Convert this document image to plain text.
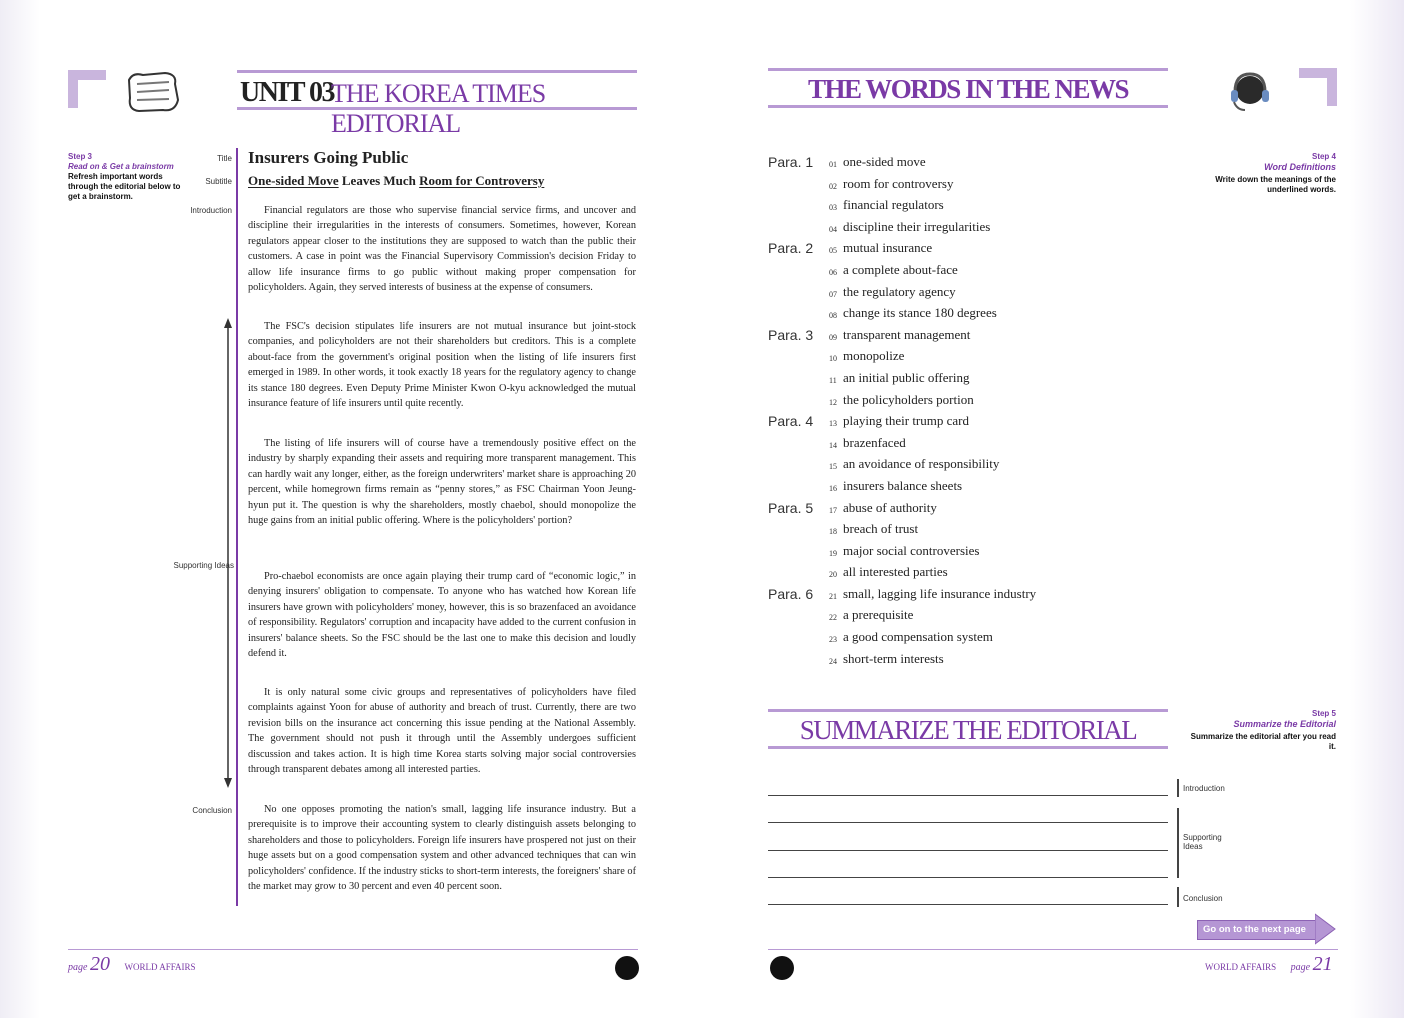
UNIT 03
THE KOREA TIMES EDITORIAL
Step 3
Read on & Get a brainstorm
Refresh important words through the editorial below to get a brainstorm.
Title
Subtitle
Introduction
Supporting Ideas
Conclusion
Insurers Going Public
One-sided Move Leaves Much Room for Controversy
Financial regulators are those who supervise financial service firms, and uncover and discipline their irregularities in the interests of consumers. Sometimes, however, Korean regulators appear closer to the institutions they are supposed to watch than the public their customers. A case in point was the Financial Supervisory Commission's decision Friday to allow life insurance firms to go public without making proper compensation for policyholders. Again, they served interests of business at the expense of consumers.
The FSC's decision stipulates life insurers are not mutual insurance but joint-stock companies, and policyholders are not their shareholders but creditors. This is a complete about-face from the government's original position when the listing of life insurers first emerged in 1989. In other words, it took exactly 18 years for the regulatory agency to change its stance 180 degrees. Even Deputy Prime Minister Kwon O-kyu acknowledged the mutual insurance feature of life insurers until quite recently.
The listing of life insurers will of course have a tremendously positive effect on the industry by sharply expanding their assets and requiring more transparent management. This can hardly wait any longer, either, as the foreign underwriters' market share is approaching 20 percent, while homegrown firms remain as “penny stores,” as FSC Chairman Yoon Jeung-hyun put it. The question is why the shareholders, mostly chaebol, should monopolize the huge gains from an initial public offering. Where is the policyholders' portion?
Pro-chaebol economists are once again playing their trump card of “economic logic,” in denying insurers' obligation to compensate. To anyone who has watched how Korean life insurers have grown with policyholders' money, however, this is so brazenfaced an avoidance of responsibility. Regulators' corruption and incapacity have added to the current confusion in insurers' balance sheets. So the FSC should be the last one to make this decision and loudly defend it.
It is only natural some civic groups and representatives of policyholders have filed complaints against Yoon for abuse of authority and breach of trust. Currently, there are two revision bills on the insurance act concerning this issue pending at the National Assembly. The government should not push it through until the Assembly undergoes sufficient discussion and takes action. It is high time Korea starts solving major social controversies through transparent debates among all interested parties.
No one opposes promoting the nation's small, lagging life insurance industry. But a prerequisite is to improve their accounting system to clearly distinguish assets belonging to shareholders and those to policyholders. Foreign life insurers have prospered not just on their huge assets but on a good compensation system and other advanced techniques that can win policyholders' confidence. If the industry sticks to short-term interests, the foreigners' share of the market may grow to 30 percent and even 40 percent soon.
page 20 WORLD AFFAIRS
THE WORDS IN THE NEWS
Step 4
Word Definitions
Write down the meanings of the underlined words.
Para. 1 01 one-sided move
02 room for controversy
03 financial regulators
04 discipline their irregularities
Para. 2 05 mutual insurance
06 a complete about-face
07 the regulatory agency
08 change its stance 180 degrees
Para. 3 09 transparent management
10 monopolize
11 an initial public offering
12 the policyholders portion
Para. 4 13 playing their trump card
14 brazenfaced
15 an avoidance of responsibility
16 insurers balance sheets
Para. 5 17 abuse of authority
18 breach of trust
19 major social controversies
20 all interested parties
Para. 6 21 small, lagging life insurance industry
22 a prerequisite
23 a good compensation system
24 short-term interests
SUMMARIZE THE EDITORIAL
Step 5
Summarize the Editorial
Summarize the editorial after you read it.
Introduction
Supporting Ideas
Conclusion
Go on to the next page
WORLD AFFAIRS page 21
